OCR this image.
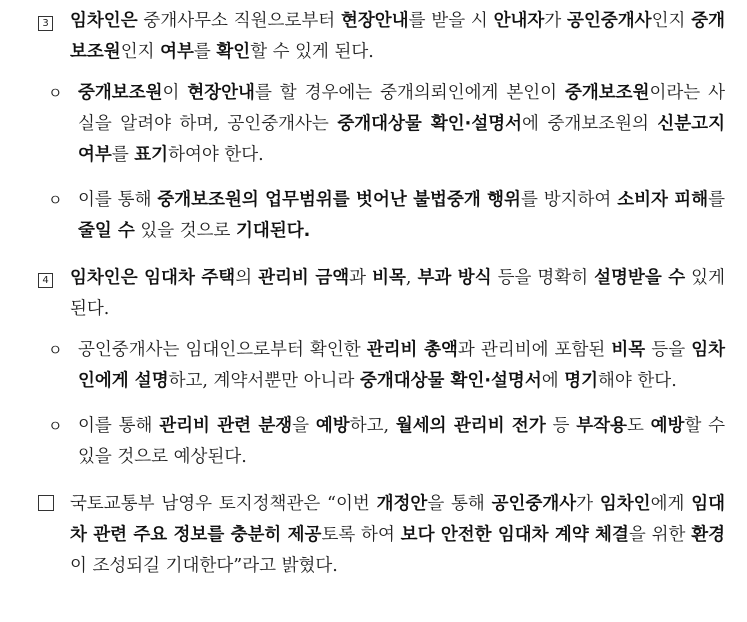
3 임차인은 중개사무소 직원으로부터 현장안내를 받을 시 안내자가 공인중개사인지 중개보조원인지 여부를 확인할 수 있게 된다.
ㅇ 중개보조원이 현장안내를 할 경우에는 중개의뢰인에게 본인이 중개보조원이라는 사실을 알려야 하며, 공인중개사는 중개대상물 확인·설명서에 중개보조원의 신분고지 여부를 표기하여야 한다.
ㅇ 이를 통해 중개보조원의 업무범위를 벗어난 불법중개 행위를 방지하여 소비자 피해를 줄일 수 있을 것으로 기대된다.
4 임차인은 임대차 주택의 관리비 금액과 비목, 부과 방식 등을 명확히 설명받을 수 있게 된다.
ㅇ 공인중개사는 임대인으로부터 확인한 관리비 총액과 관리비에 포함된 비목 등을 임차인에게 설명하고, 계약서뿐만 아니라 중개대상물 확인·설명서에 명기해야 한다.
ㅇ 이를 통해 관리비 관련 분쟁을 예방하고, 월세의 관리비 전가 등 부작용도 예방할 수 있을 것으로 예상된다.
국토교통부 남영우 토지정책관은 “이번 개정안을 통해 공인중개사가 임차인에게 임대차 관련 주요 정보를 충분히 제공토록 하여 보다 안전한 임대차 계약 체결을 위한 환경이 조성되길 기대한다”라고 밝혔다.
